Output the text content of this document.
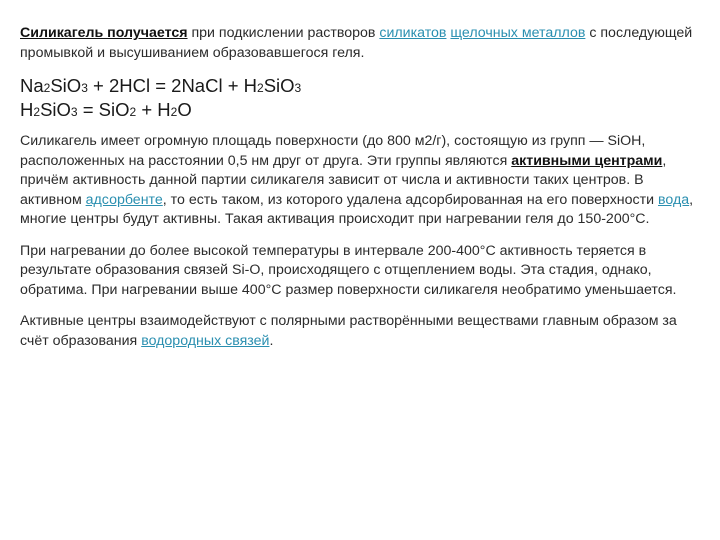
Силикагель получается при подкислении растворов силикатов щелочных металлов с последующей промывкой и высушиванием образовавшегося геля.

Na2SiO3 + 2HCl = 2NaCl + H2SiO3
H2SiO3 = SiO2 + H2O

Силикагель имеет огромную площадь поверхности (до 800 м2/г), состоящую из групп — SiOH, расположенных на расстоянии 0,5 нм друг от друга. Эти группы являются активными центрами, причём активность данной партии силикагеля зависит от числа и активности таких центров. В активном адсорбенте, то есть таком, из которого удалена адсорбированная на его поверхности вода, многие центры будут активны. Такая активация происходит при нагревании геля до 150-200°С.

При нагревании до более высокой температуры в интервале 200-400°С активность теряется в результате образования связей Si-O, происходящего с отщеплением воды. Эта стадия, однако, обратима. При нагревании выше 400°С размер поверхности силикагеля необратимо уменьшается.

Активные центры взаимодействуют с полярными растворёнными веществами главным образом за счёт образования водородных связей.
